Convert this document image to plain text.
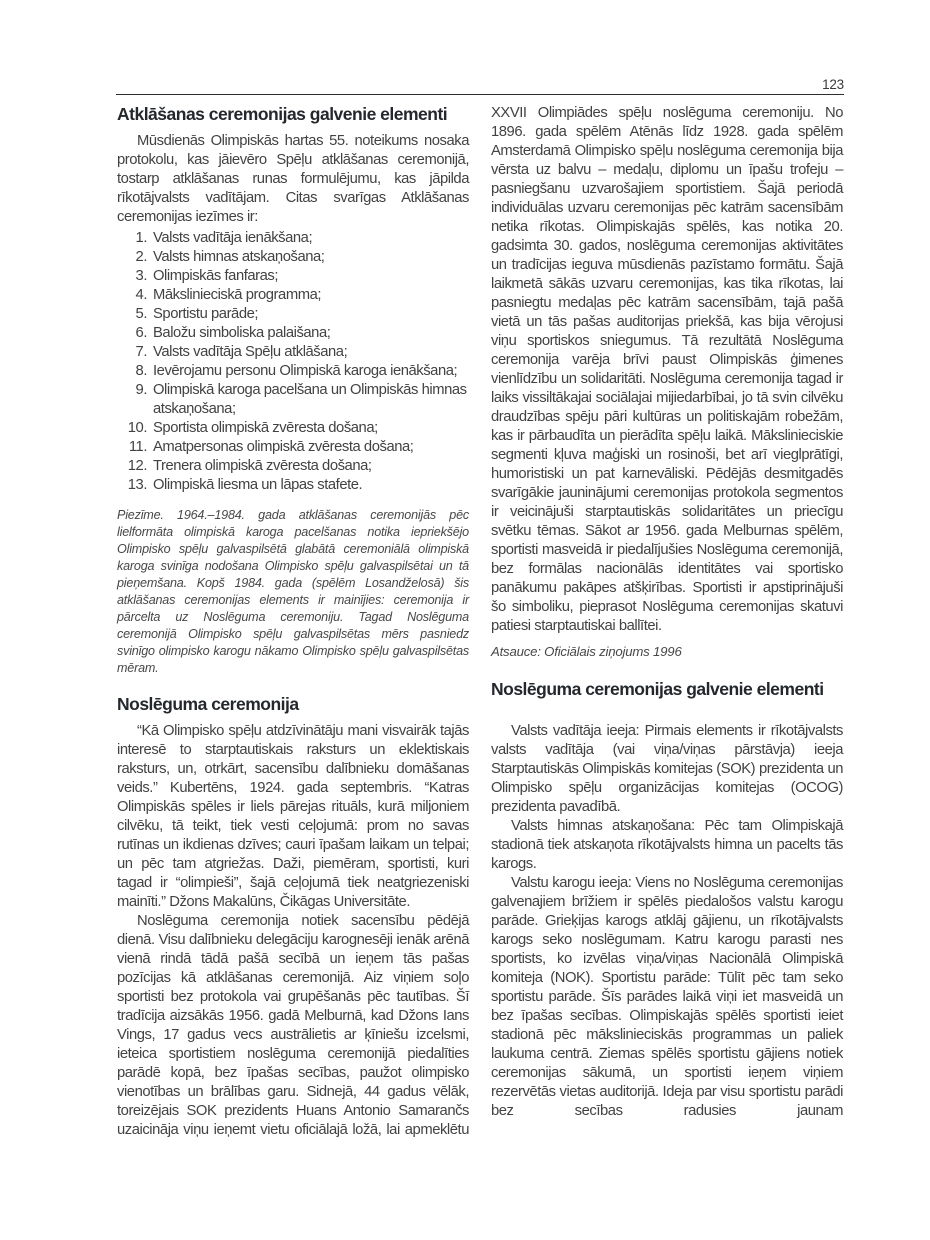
123
Atklāšanas ceremonijas galvenie elementi

Mūsdienās Olimpiskās hartas 55. noteikums nosaka protokolu, kas jāievēro Spēļu atklāšanas ceremonijā, tostarp atklāšanas runas formulējumu, kas jāpilda rīkotājvalsts vadītājam. Citas svarīgas Atklāšanas ceremonijas iezīmes ir:

Valsts vadītāja ienākšana;
Valsts himnas atskaņošana;
Olimpiskās fanfaras;
Mākslinieciskā programma;
Sportistu parāde;
Baložu simboliska palaišana;
Valsts vadītāja Spēļu atklāšana;
Ievērojamu personu Olimpiskā karoga ienākšana;
Olimpiskā karoga pacelšana un Olimpiskās himnas atskaņošana;
Sportista olimpiskā zvēresta došana;
Amatpersonas olimpiskā zvēresta došana;
Trenera olimpiskā zvēresta došana;
Olimpiskā liesma un lāpas stafete.

Piezīme. 1964.–1984. gada atklāšanas ceremonijās pēc lielformāta olimpiskā karoga pacelšanas notika iepriekšējo Olimpisko spēļu galvaspilsētā glabātā ceremoniālā olimpiskā karoga svinīga nodošana Olimpisko spēļu galvaspilsētai un tā pieņemšana. Kopš 1984. gada (spēlēm Losandželosā) šis atklāšanas ceremonijas elements ir mainījies: ceremonija ir pārcelta uz Noslēguma ceremoniju. Tagad Noslēguma ceremonijā Olimpisko spēļu galvaspilsētas mērs pasniedz svinīgo olimpisko karogu nākamo Olimpisko spēļu galvaspilsētas mēram.

Noslēguma ceremonija

“Kā Olimpisko spēļu atdzīvinātāju mani visvairāk tajās interesē to starptautiskais raksturs un eklektiskais raksturs, un, otrkārt, sacensību dalībnieku domāšanas veids.” Kubertēns, 1924. gada septembris. “Katras Olimpiskās spēles ir liels pārejas rituāls, kurā miljoniem cilvēku, tā teikt, tiek vesti ceļojumā: prom no savas rutīnas un ikdienas dzīves; cauri īpašam laikam un telpai; un pēc tam atgriežas. Daži, piemēram, sportisti, kuri tagad ir “olimpieši”, šajā ceļojumā tiek neatgriezeniski mainīti.” Džons Makalūns, Čikāgas Universitāte.

Noslēguma ceremonija notiek sacensību pēdējā dienā. Visu dalībnieku delegāciju karognesēji ienāk arēnā vienā rindā tādā pašā secībā un ieņem tās pašas pozīcijas kā atklāšanas ceremonijā. Aiz viņiem soļo sportisti bez protokola vai grupēšanās pēc tautības. Šī tradīcija aizsākās 1956. gadā Melburnā, kad Džons Ians Vings, 17 gadus vecs austrālietis ar ķīniešu izcelsmi, ieteica sportistiem noslēguma ceremonijā piedalīties parādē kopā, bez īpašas secības, paužot olimpisko vienotības un brālības garu. Sidnejā, 44 gadus vēlāk, toreizējais SOK prezidents Huans Antonio Samarančs uzaicināja viņu ieņemt vietu oficiālajā ložā, lai apmeklētu

XXVII Olimpiādes spēļu noslēguma ceremoniju. No 1896. gada spēlēm Atēnās līdz 1928. gada spēlēm Amsterdamā Olimpisko spēļu noslēguma ceremonija bija vērsta uz balvu – medaļu, diplomu un īpašu trofeju – pasniegšanu uzvarošajiem sportistiem. Šajā periodā individuālas uzvaru ceremonijas pēc katrām sacensībām netika rīkotas. Olimpiskajās spēlēs, kas notika 20. gadsimta 30. gados, noslēguma ceremonijas aktivitātes un tradīcijas ieguva mūsdienās pazīstamo formātu. Šajā laikmetā sākās uzvaru ceremonijas, kas tika rīkotas, lai pasniegtu medaļas pēc katrām sacensībām, tajā pašā vietā un tās pašas auditorijas priekšā, kas bija vērojusi viņu sportiskos sniegumus. Tā rezultātā Noslēguma ceremonija varēja brīvi paust Olimpiskās ģimenes vienlīdzību un solidaritāti. Noslēguma ceremonija tagad ir laiks vissiltākajai sociālajai mijiedarbībai, jo tā svin cilvēku draudzības spēju pāri kultūras un politiskajām robežām, kas ir pārbaudīta un pierādīta spēļu laikā. Mākslinieciskie segmenti kļuva maģiski un rosinoši, bet arī vieglprātīgi, humoristiski un pat karnevāliski. Pēdējās desmitgadēs svarīgākie jauninājumi ceremonijas protokola segmentos ir veicinājuši starptautiskās solidaritātes un priecīgu svētku tēmas. Sākot ar 1956. gada Melburnas spēlēm, sportisti masveidā ir piedalījušies Noslēguma ceremonijā, bez formālas nacionālās identitātes vai sportisko panākumu pakāpes atšķirības. Sportisti ir apstiprinājuši šo simboliku, pieprasot Noslēguma ceremonijas skatuvi patiesi starptautiskai ballītei.

Atsauce: Oficiālais ziņojums 1996

Noslēguma ceremonijas galvenie elementi

Valsts vadītāja ieeja: Pirmais elements ir rīkotājvalsts valsts vadītāja (vai viņa/viņas pārstāvja) ieeja Starptautiskās Olimpiskās komitejas (SOK) prezidenta un Olimpisko spēļu organizācijas komitejas (OCOG) prezidenta pavadībā.

Valsts himnas atskaņošana: Pēc tam Olimpiskajā stadionā tiek atskaņota rīkotājvalsts himna un pacelts tās karogs.

Valstu karogu ieeja: Viens no Noslēguma ceremonijas galvenajiem brīžiem ir spēlēs piedalošos valstu karogu parāde. Grieķijas karogs atklāj gājienu, un rīkotājvalsts karogs seko noslēgumam. Katru karogu parasti nes sportists, ko izvēlas viņa/viņas Nacionālā Olimpiskā komiteja (NOK). Sportistu parāde: Tūlīt pēc tam seko sportistu parāde. Šīs parādes laikā viņi iet masveidā un bez īpašas secības. Olimpiskajās spēlēs sportisti ieiet stadionā pēc mākslinieciskās programmas un paliek laukuma centrā. Ziemas spēlēs sportistu gājiens notiek ceremonijas sākumā, un sportisti ieņem viņiem rezervētās vietas auditorijā. Ideja par visu sportistu parādi bez secības radusies jaunam
